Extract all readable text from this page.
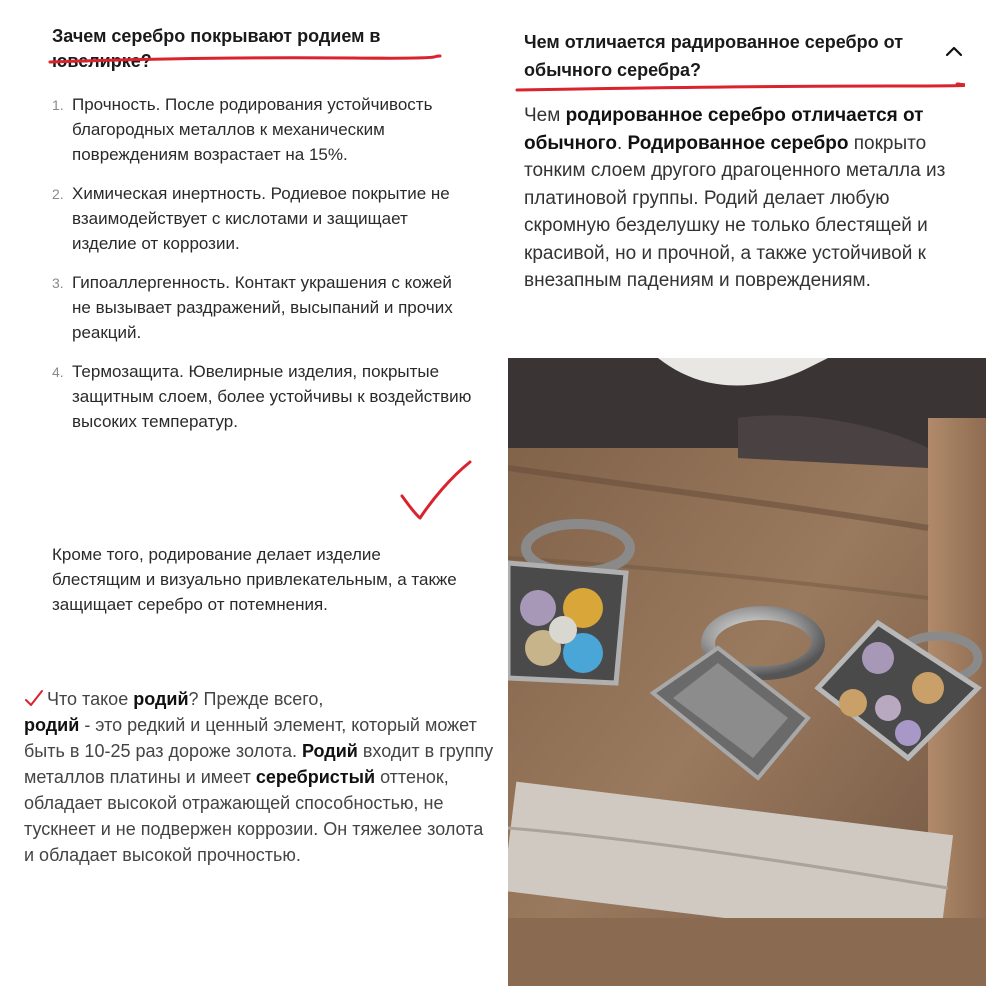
Зачем серебро покрывают родием в ювелирке?
1. Прочность. После родирования устойчивость благородных металлов к механическим повреждениям возрастает на 15%.
2. Химическая инертность. Родиевое покрытие не взаимодействует с кислотами и защищает изделие от коррозии.
3. Гипоаллергенность. Контакт украшения с кожей не вызывает раздражений, высыпаний и прочих реакций.
4. Термозащита. Ювелирные изделия, покрытые защитным слоем, более устойчивы к воздействию высоких температур.
Кроме того, родирование делает изделие блестящим и визуально привлекательным, а также защищает серебро от потемнения.
Что такое родий? Прежде всего,
родий - это редкий и ценный элемент, который может быть в 10-25 раз дороже золота. Родий входит в группу металлов платины и имеет серебристый оттенок, обладает высокой отражающей способностью, не тускнеет и не подвержен коррозии. Он тяжелее золота и обладает высокой прочностью.
Чем отличается радированное серебро от обычного серебра?
Чем родированное серебро отличается от обычного. Родированное серебро покрыто тонким слоем другого драгоценного металла из платиновой группы. Родий делает любую скромную безделушку не только блестящей и красивой, но и прочной, а также устойчивой к внезапным падениям и повреждениям.
